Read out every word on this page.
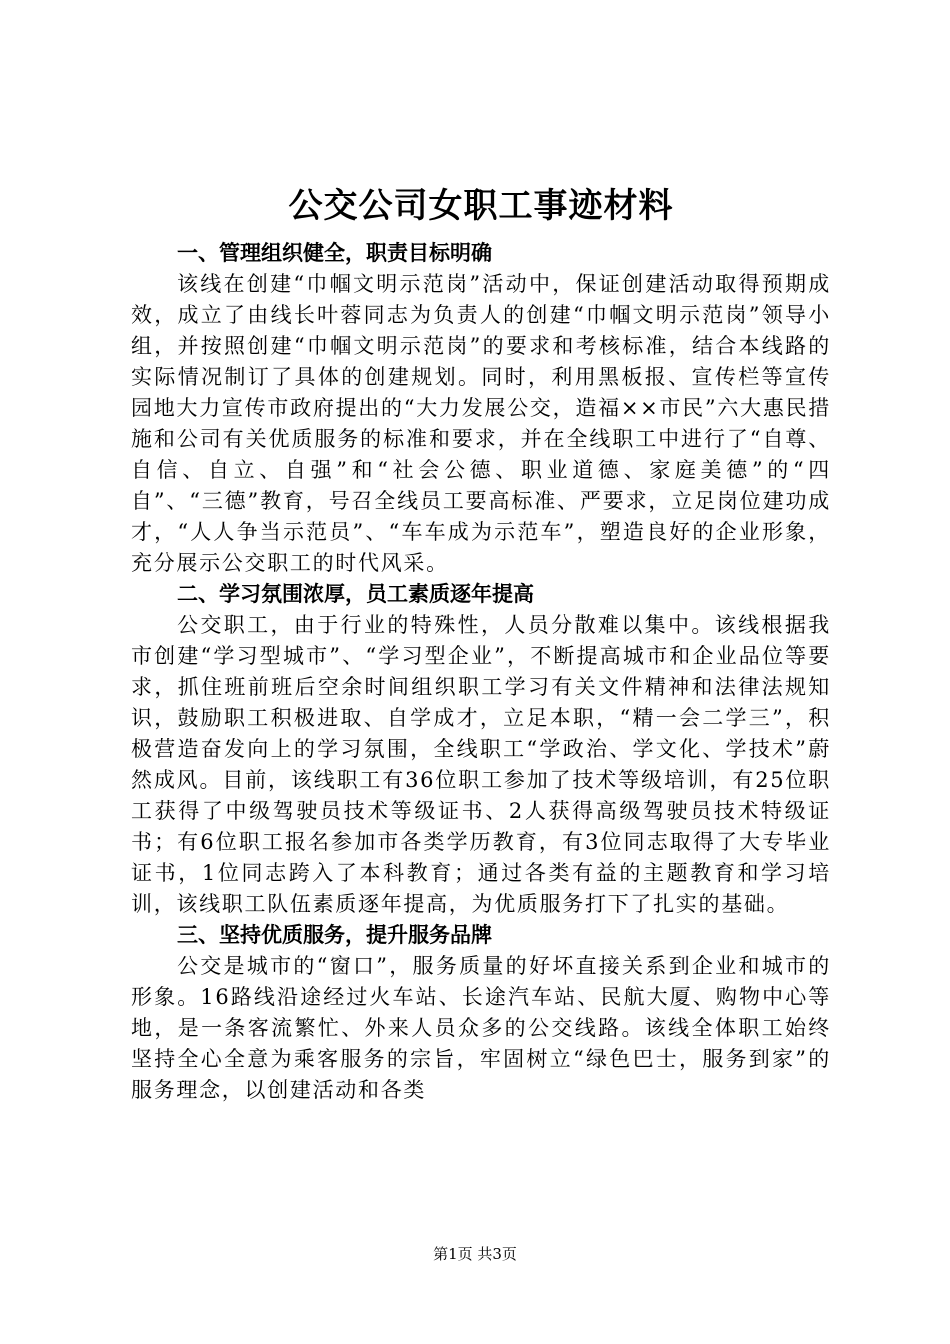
公交公司女职工事迹材料
一、管理组织健全，职责目标明确

该线在创建“巾帼文明示范岗”活动中，保证创建活动取得预期成效，成立了由线长叶蓉同志为负责人的创建“巾帼文明示范岗”领导小组，并按照创建“巾帼文明示范岗”的要求和考核标准，结合本线路的实际情况制订了具体的创建规划。同时，利用黑板报、宣传栏等宣传园地大力宣传市政府提出的“大力发展公交，造福××市民”六大惠民措施和公司有关优质服务的标准和要求，并在全线职工中进行了“自尊、自信、自立、自强”和“社会公德、职业道德、家庭美德”的“四自”、“三德”教育，号召全线员工要高标准、严要求，立足岗位建功成才，“人人争当示范员”、“车车成为示范车”，塑造良好的企业形象，充分展示公交职工的时代风采。

二、学习氛围浓厚，员工素质逐年提高

公交职工，由于行业的特殊性，人员分散难以集中。该线根据我市创建“学习型城市”、“学习型企业”，不断提高城市和企业品位等要求，抓住班前班后空余时间组织职工学习有关文件精神和法律法规知识，鼓励职工积极进取、自学成才，立足本职，“精一会二学三”，积极营造奋发向上的学习氛围，全线职工“学政治、学文化、学技术”蔚然成风。目前，该线职工有36位职工参加了技术等级培训，有25位职工获得了中级驾驶员技术等级证书、2人获得高级驾驶员技术特级证书；有6位职工报名参加市各类学历教育，有3位同志取得了大专毕业证书，1位同志跨入了本科教育；通过各类有益的主题教育和学习培训，该线职工队伍素质逐年提高，为优质服务打下了扎实的基础。

三、坚持优质服务，提升服务品牌

公交是城市的“窗口”，服务质量的好坏直接关系到企业和城市的形象。16路线沿途经过火车站、长途汽车站、民航大厦、购物中心等地，是一条客流繁忙、外来人员众多的公交线路。该线全体职工始终坚持全心全意为乘客服务的宗旨，牢固树立“绿色巴士，服务到家”的服务理念，以创建活动和各类

第1页 共3页
